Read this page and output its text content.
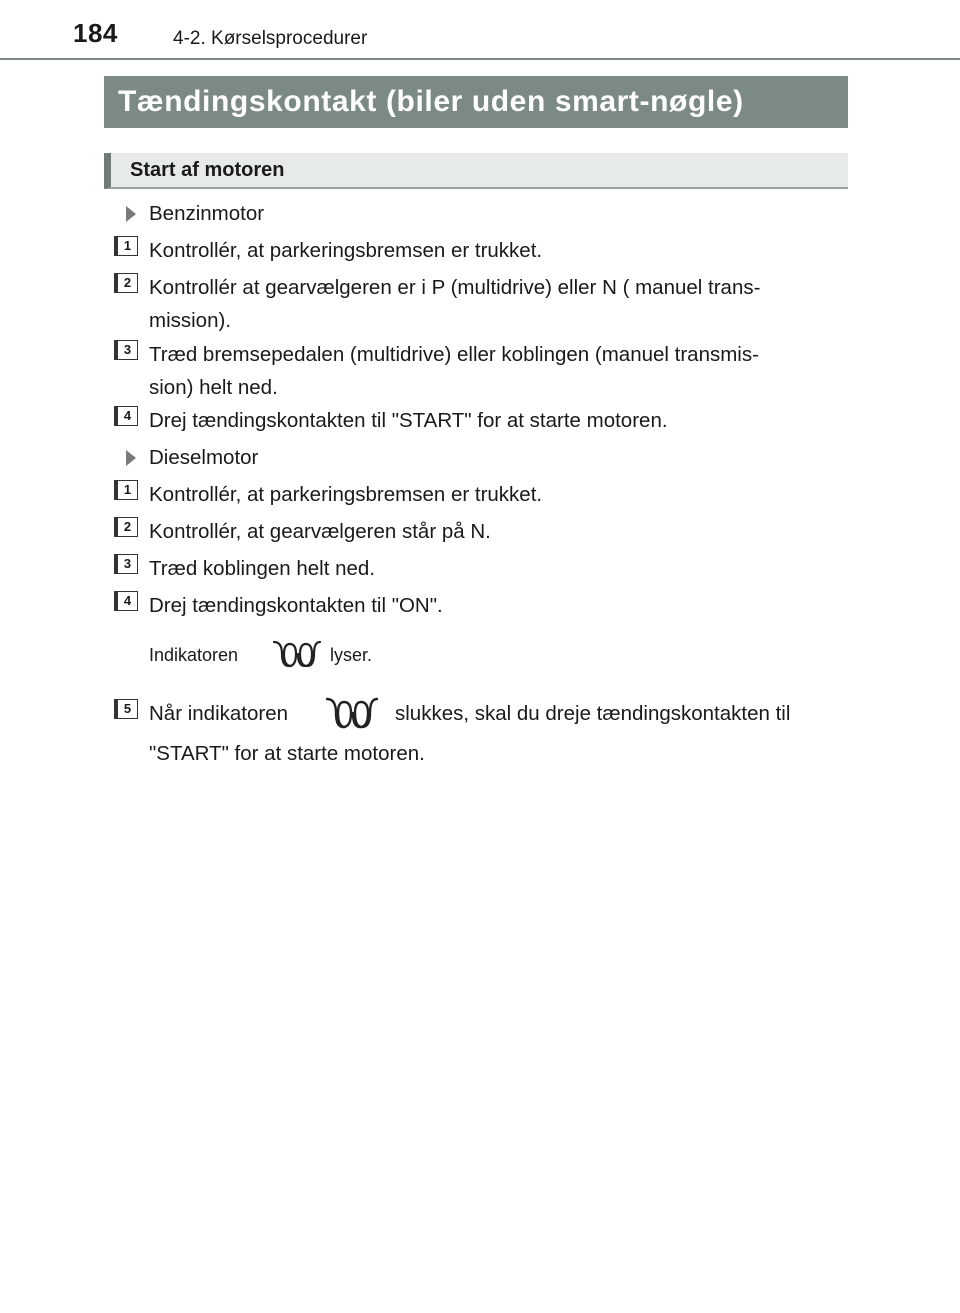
184	4-2. Kørselsprocedurer
Tændingskontakt (biler uden smart-nøgle)
Start af motoren
Benzinmotor
1 Kontrollér, at parkeringsbremsen er trukket.
2 Kontrollér at gearvælgeren er i P (multidrive) eller N ( manuel trans-
mission).
3 Træd bremsepedalen (multidrive) eller koblingen (manuel transmis-
sion) helt ned.
4 Drej tændingskontakten til "START" for at starte motoren.
Dieselmotor
1 Kontrollér, at parkeringsbremsen er trukket.
2 Kontrollér, at gearvælgeren står på N.
3 Træd koblingen helt ned.
4 Drej tændingskontakten til "ON".
Indikatoren	lyser.
5 Når indikatoren	slukkes, skal du dreje tændingskontakten til
"START" for at starte motoren.
